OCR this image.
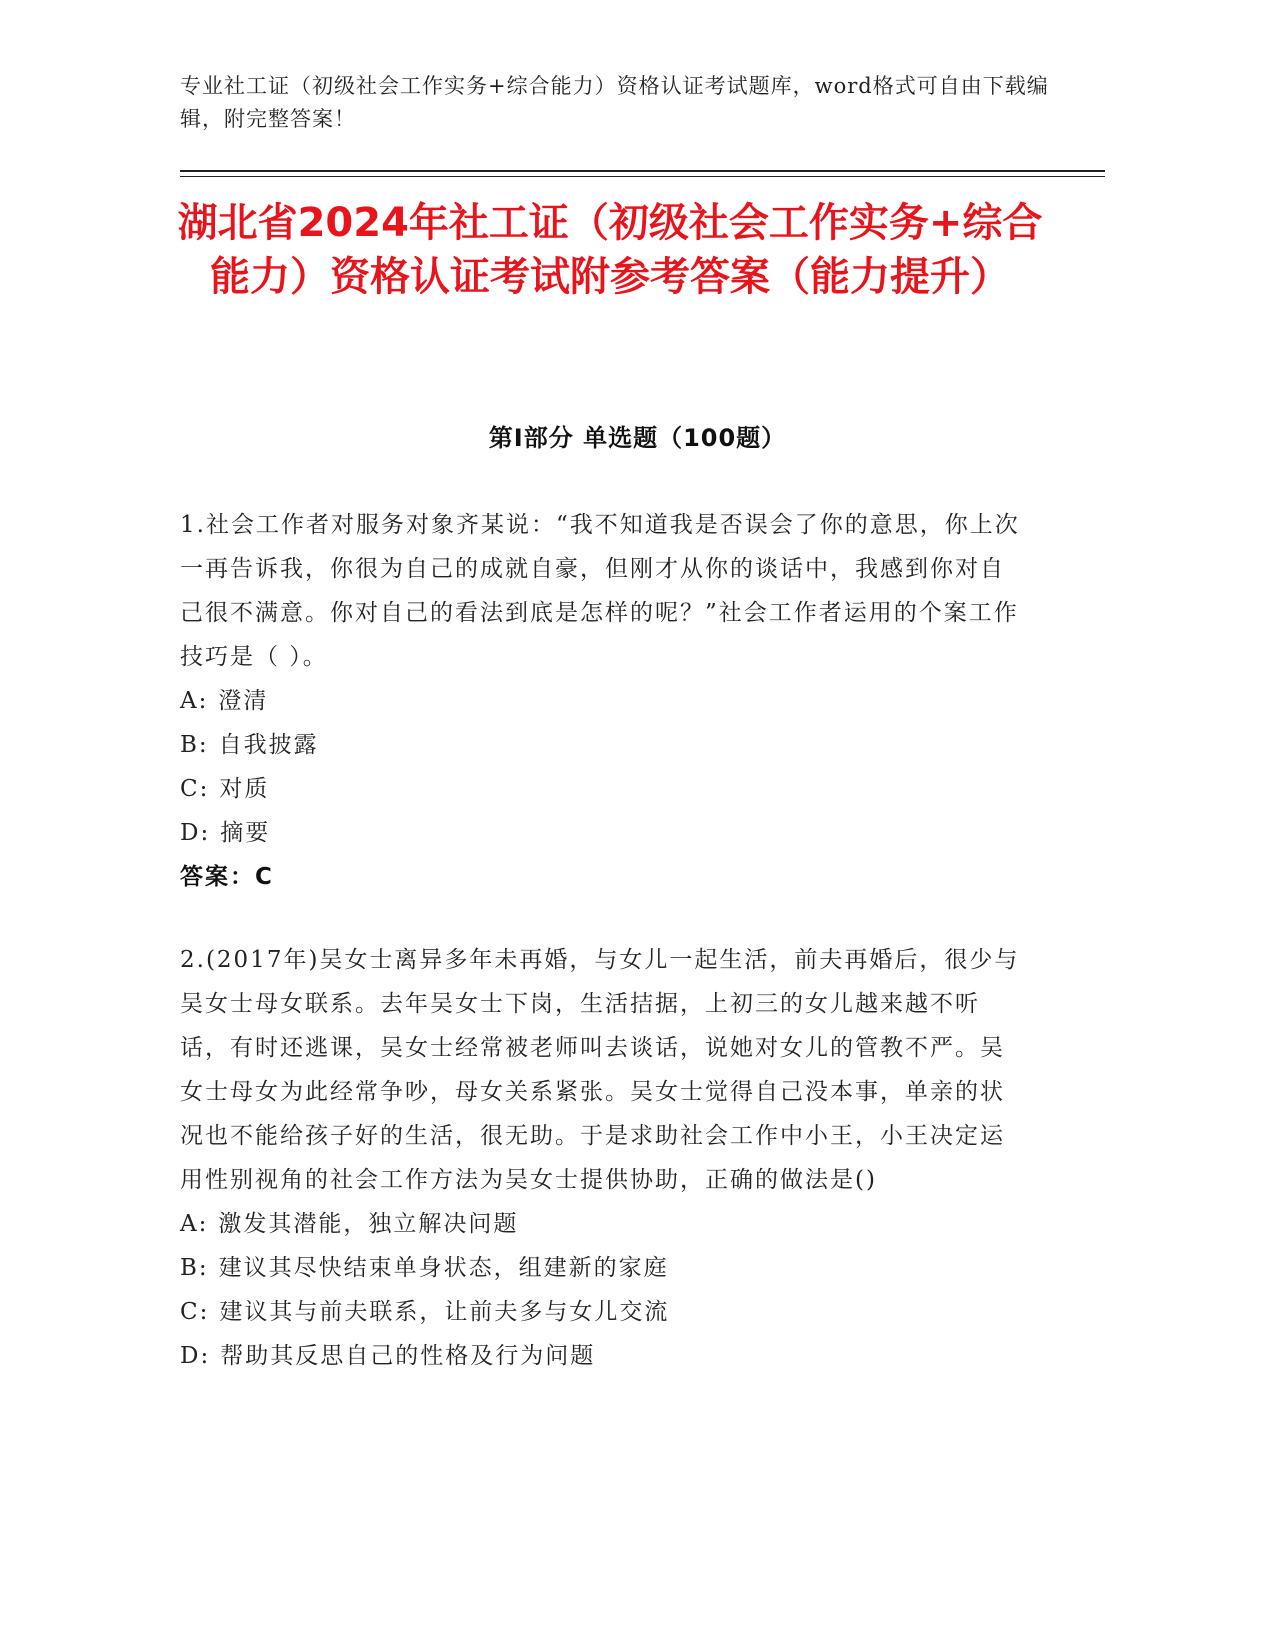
专业社工证（初级社会工作实务+综合能力）资格认证考试题库，word格式可自由下载编辑，附完整答案！
湖北省2024年社工证（初级社会工作实务+综合能力）资格认证考试附参考答案（能力提升）
第Ⅰ部分 单选题（100题）

1.社会工作者对服务对象齐某说：“我不知道我是否误会了你的意思，你上次一再告诉我，你很为自己的成就自豪，但刚才从你的谈话中，我感到你对自己很不满意。你对自己的看法到底是怎样的呢？”社会工作者运用的个案工作技巧是（ ）。

A: 澄清

B: 自我披露

C: 对质

D: 摘要

答案：C

2.(2017年)吴女士离异多年未再婚，与女儿一起生活，前夫再婚后，很少与吴女士母女联系。去年吴女士下岗，生活拮据，上初三的女儿越来越不听话，有时还逃课，吴女士经常被老师叫去谈话，说她对女儿的管教不严。吴女士母女为此经常争吵，母女关系紧张。吴女士觉得自己没本事，单亲的状况也不能给孩子好的生活，很无助。于是求助社会工作中小王，小王决定运用性别视角的社会工作方法为吴女士提供协助，正确的做法是()

A: 激发其潜能，独立解决问题

B: 建议其尽快结束单身状态，组建新的家庭

C: 建议其与前夫联系，让前夫多与女儿交流

D: 帮助其反思自己的性格及行为问题
